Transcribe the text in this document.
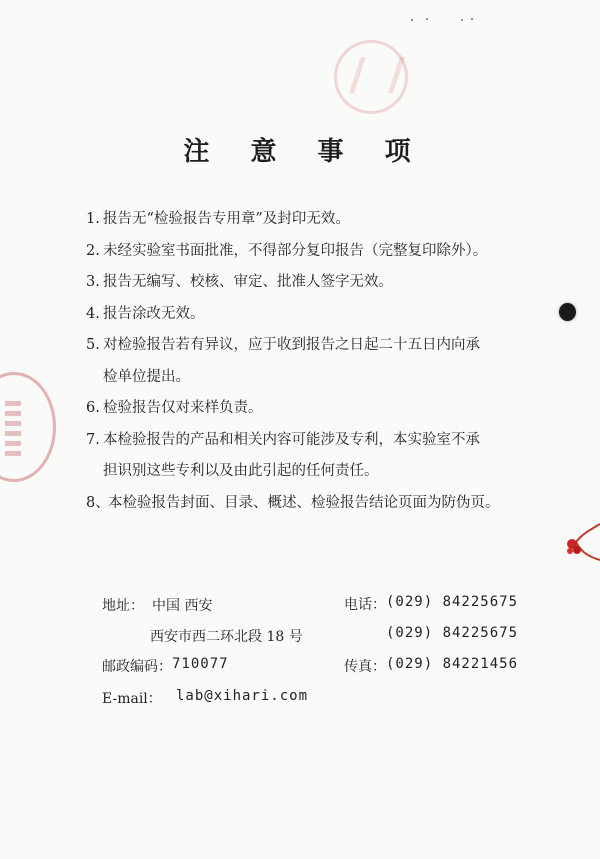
注 意 事 项
1. 报告无“检验报告专用章”及封印无效。
2. 未经实验室书面批准，不得部分复印报告（完整复印除外）。
3. 报告无编写、校核、审定、批准人签字无效。
4. 报告涂改无效。
5. 对检验报告若有异议，应于收到报告之日起二十五日内向承
检单位提出。
6. 检验报告仅对来样负责。
7. 本检验报告的产品和相关内容可能涉及专利，本实验室不承
担识别这些专利以及由此引起的任何责任。
8、
本检验报告封面、目录、概述、检验报告结论页面为防伪页。
地址： 中国 西安
西安市西二环北段 18 号
邮政编码： 710077
E-mail： lab@xihari.com
电话： (029) 84225675
(029) 84225675
传真： (029) 84221456
